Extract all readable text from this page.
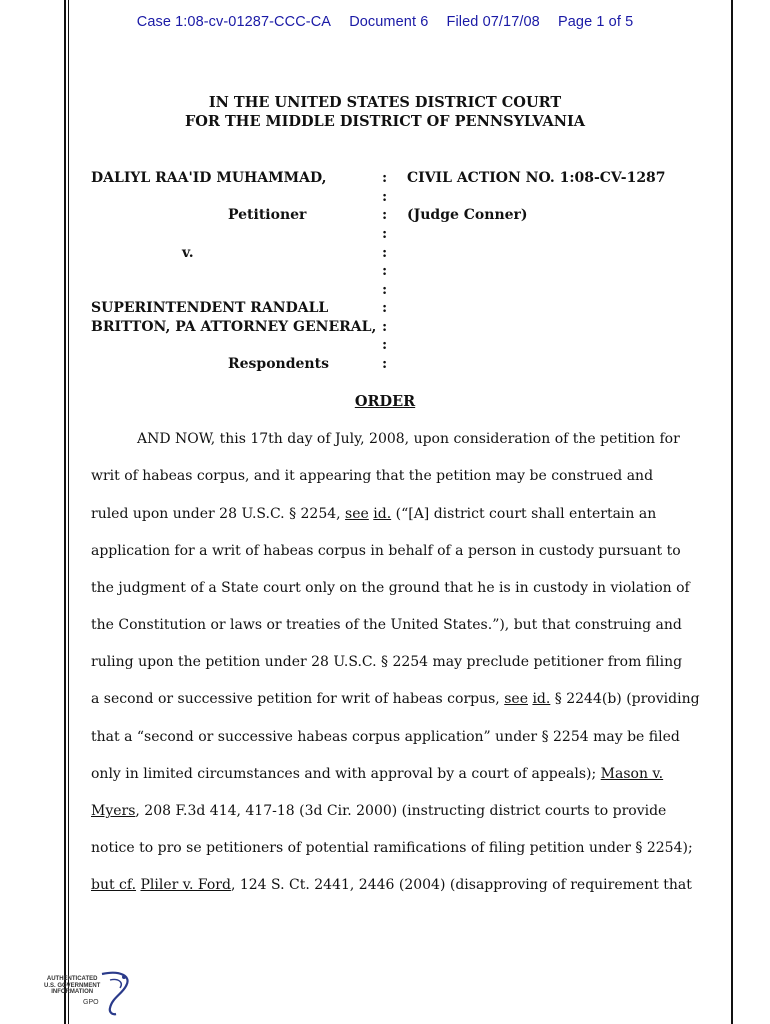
Case 1:08-cv-01287-CCC-CA Document 6 Filed 07/17/08 Page 1 of 5
IN THE UNITED STATES DISTRICT COURT
FOR THE MIDDLE DISTRICT OF PENNSYLVANIA
DALIYL RAA'ID MUHAMMAD,
Petitioner
v.
SUPERINTENDENT RANDALL
BRITTON, PA ATTORNEY GENERAL,
Respondents
:
:
:
:
:
:
:
:
:
:
:
CIVIL ACTION NO. 1:08-CV-1287
(Judge Conner)
ORDER
AND NOW, this 17th day of July, 2008, upon consideration of the petition for
writ of habeas corpus, and it appearing that the petition may be construed and
ruled upon under 28 U.S.C. § 2254, see id. (“[A] district court shall entertain an
application for a writ of habeas corpus in behalf of a person in custody pursuant to
the judgment of a State court only on the ground that he is in custody in violation of
the Constitution or laws or treaties of the United States.”), but that construing and
ruling upon the petition under 28 U.S.C. § 2254 may preclude petitioner from filing
a second or successive petition for writ of habeas corpus, see id. § 2244(b) (providing
that a “second or successive habeas corpus application” under § 2254 may be filed
only in limited circumstances and with approval by a court of appeals); Mason v.
Myers, 208 F.3d 414, 417-18 (3d Cir. 2000) (instructing district courts to provide
notice to pro se petitioners of potential ramifications of filing petition under § 2254);
but cf. Pliler v. Ford, 124 S. Ct. 2441, 2446 (2004) (disapproving of requirement that
AUTHENTICATED
U.S. GOVERNMENT
INFORMATION
GPO
